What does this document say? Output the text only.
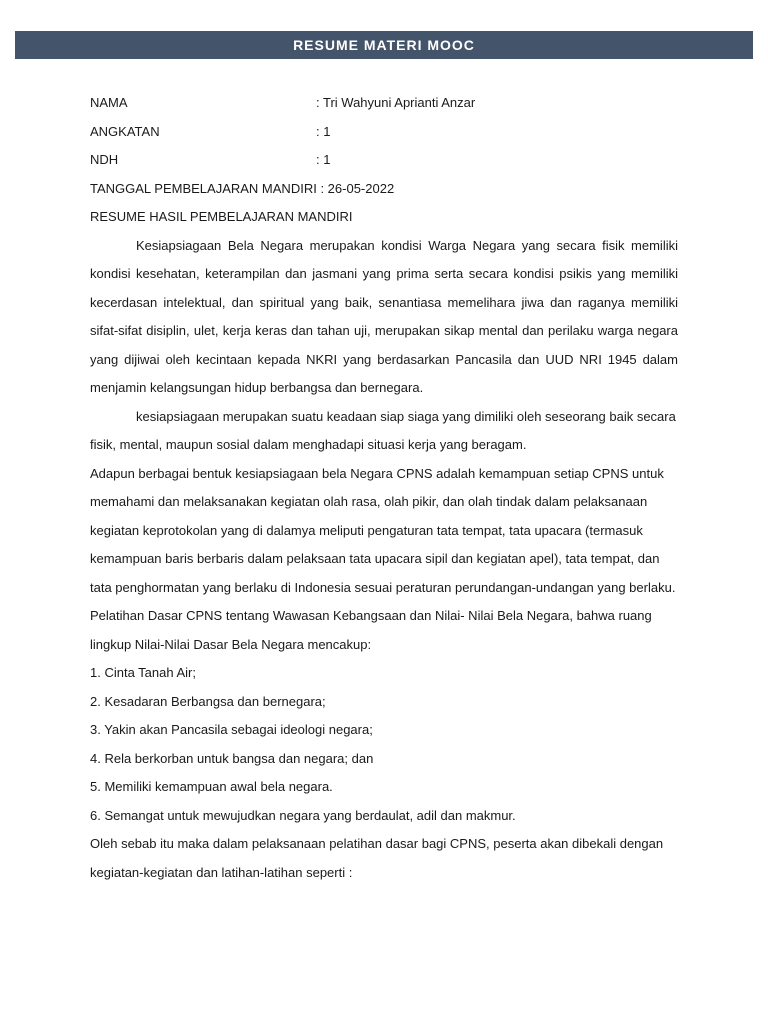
RESUME MATERI MOOC
NAMA	: Tri Wahyuni Aprianti Anzar
ANGKATAN	: 1
NDH	: 1
TANGGAL PEMBELAJARAN MANDIRI
: 26-05-2022
RESUME HASIL PEMBELAJARAN MANDIRI

Kesiapsiagaan Bela Negara merupakan kondisi Warga Negara yang secara fisik memiliki kondisi kesehatan, keterampilan dan jasmani yang prima serta secara kondisi psikis yang memiliki kecerdasan intelektual, dan spiritual yang baik, senantiasa memelihara jiwa dan raganya memiliki sifat-sifat disiplin, ulet, kerja keras dan tahan uji, merupakan sikap mental dan perilaku warga negara yang dijiwai oleh kecintaan kepada NKRI yang berdasarkan Pancasila dan UUD NRI 1945 dalam menjamin kelangsungan hidup berbangsa dan bernegara.

kesiapsiagaan merupakan suatu keadaan siap siaga yang dimiliki oleh seseorang baik secara fisik, mental, maupun sosial dalam menghadapi situasi kerja yang beragam.

Adapun berbagai bentuk kesiapsiagaan bela Negara CPNS adalah kemampuan setiap CPNS untuk memahami dan melaksanakan kegiatan olah rasa, olah pikir, dan olah tindak dalam pelaksanaan kegiatan keprotokolan yang di dalamya meliputi pengaturan tata tempat, tata upacara (termasuk kemampuan baris berbaris dalam pelaksaan tata upacara sipil dan kegiatan apel), tata tempat, dan tata penghormatan yang berlaku di Indonesia sesuai peraturan perundangan-undangan yang berlaku.

Pelatihan Dasar CPNS tentang Wawasan Kebangsaan dan Nilai- Nilai Bela Negara, bahwa ruang lingkup Nilai-Nilai Dasar Bela Negara mencakup:

1. Cinta Tanah Air;
2. Kesadaran Berbangsa dan bernegara;
3. Yakin akan Pancasila sebagai ideologi negara;
4. Rela berkorban untuk bangsa dan negara; dan
5. Memiliki kemampuan awal bela negara.
6. Semangat untuk mewujudkan negara yang berdaulat, adil dan makmur.

Oleh sebab itu maka dalam pelaksanaan pelatihan dasar bagi CPNS, peserta akan dibekali dengan kegiatan-kegiatan dan latihan-latihan seperti :
